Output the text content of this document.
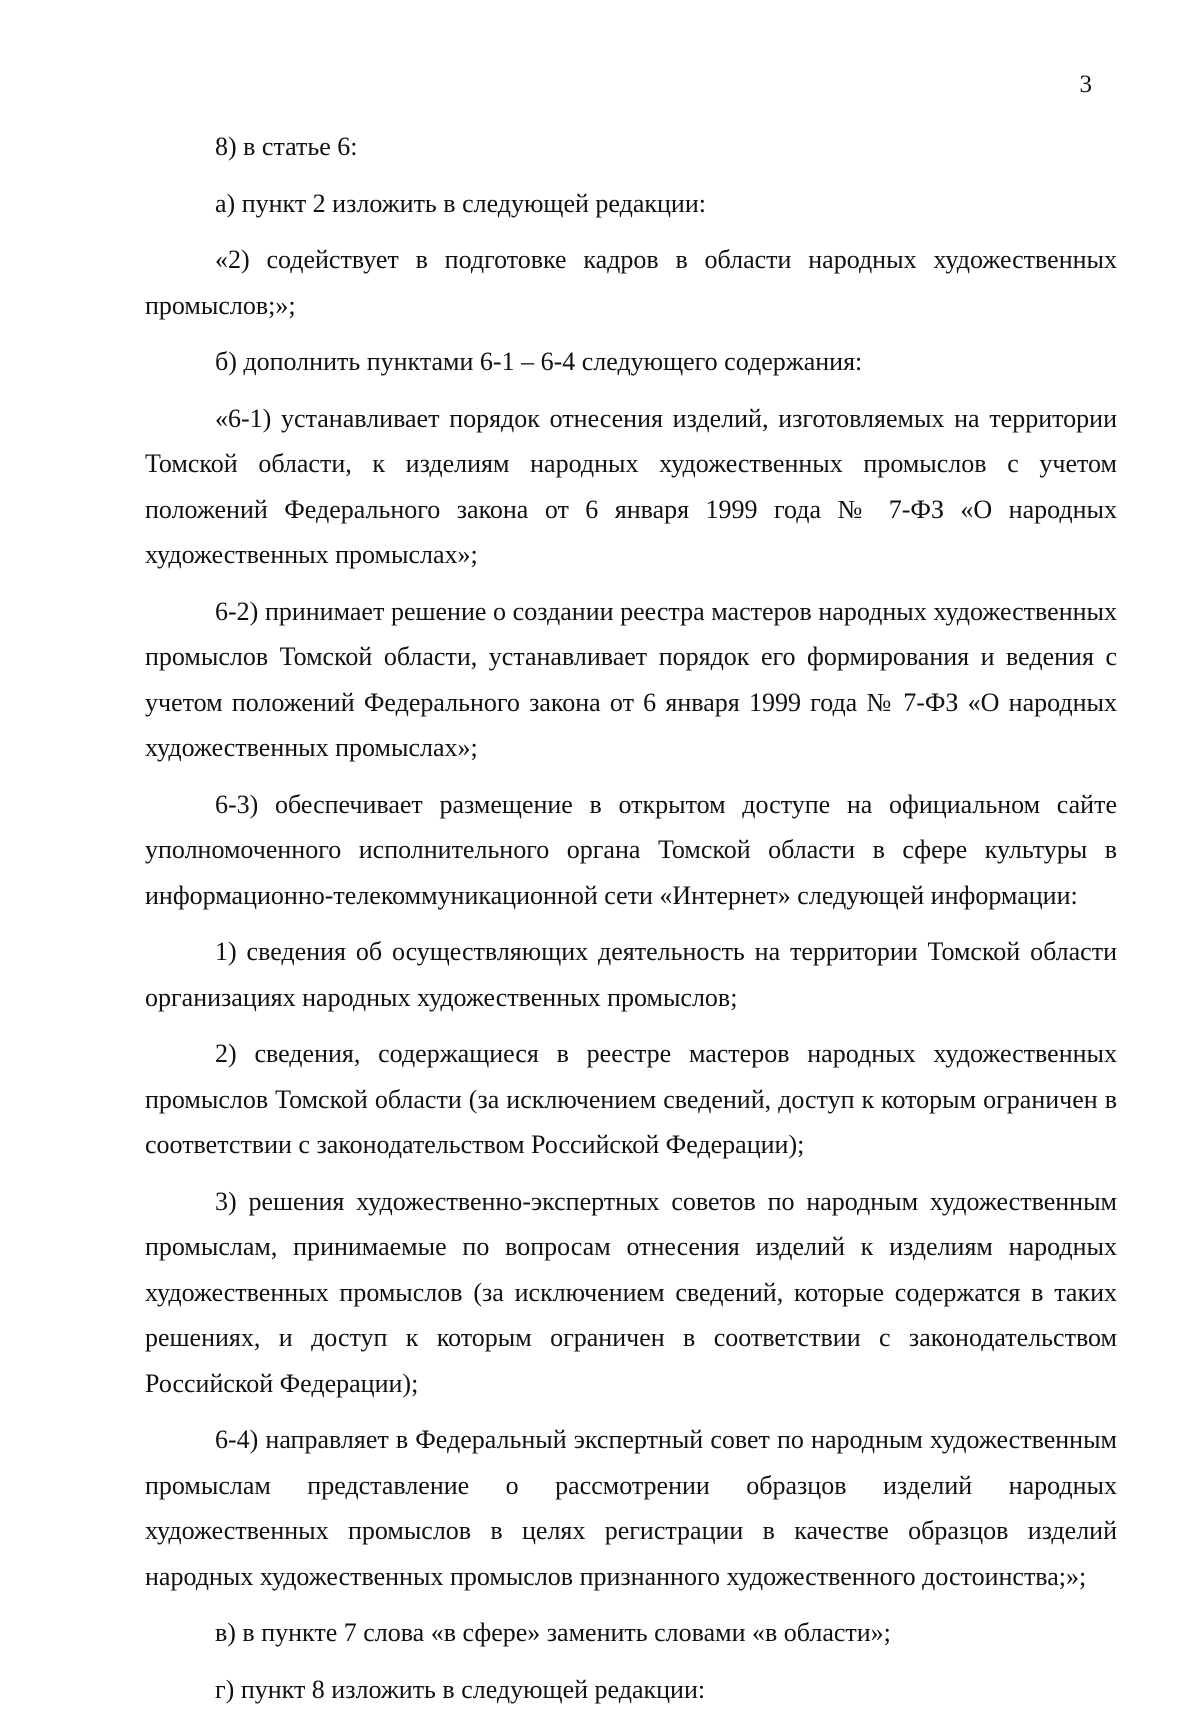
3

8) в статье 6:

а) пункт 2 изложить в следующей редакции:

«2) содействует в подготовке кадров в области народных художественных промыслов;»;

б) дополнить пунктами 6-1 – 6-4 следующего содержания:

«6-1) устанавливает порядок отнесения изделий, изготовляемых на территории Томской области, к изделиям народных художественных промыслов с учетом положений Федерального закона от 6 января 1999 года № 7-ФЗ «О народных художественных промыслах»;

6-2) принимает решение о создании реестра мастеров народных художественных промыслов Томской области, устанавливает порядок его формирования и ведения с учетом положений Федерального закона от 6 января 1999 года № 7-ФЗ «О народных художественных промыслах»;

6-3) обеспечивает размещение в открытом доступе на официальном сайте уполномоченного исполнительного органа Томской области в сфере культуры в информационно-телекоммуникационной сети «Интернет» следующей информации:

1) сведения об осуществляющих деятельность на территории Томской области организациях народных художественных промыслов;

2) сведения, содержащиеся в реестре мастеров народных художественных промыслов Томской области (за исключением сведений, доступ к которым ограничен в соответствии с законодательством Российской Федерации);

3) решения художественно-экспертных советов по народным художественным промыслам, принимаемые по вопросам отнесения изделий к изделиям народных художественных промыслов (за исключением сведений, которые содержатся в таких решениях, и доступ к которым ограничен в соответствии с законодательством Российской Федерации);

6-4) направляет в Федеральный экспертный совет по народным художественным промыслам представление о рассмотрении образцов изделий народных художественных промыслов в целях регистрации в качестве образцов изделий народных художественных промыслов признанного художественного достоинства;»;

в) в пункте 7 слова «в сфере» заменить словами «в области»;

г) пункт 8 изложить в следующей редакции:
